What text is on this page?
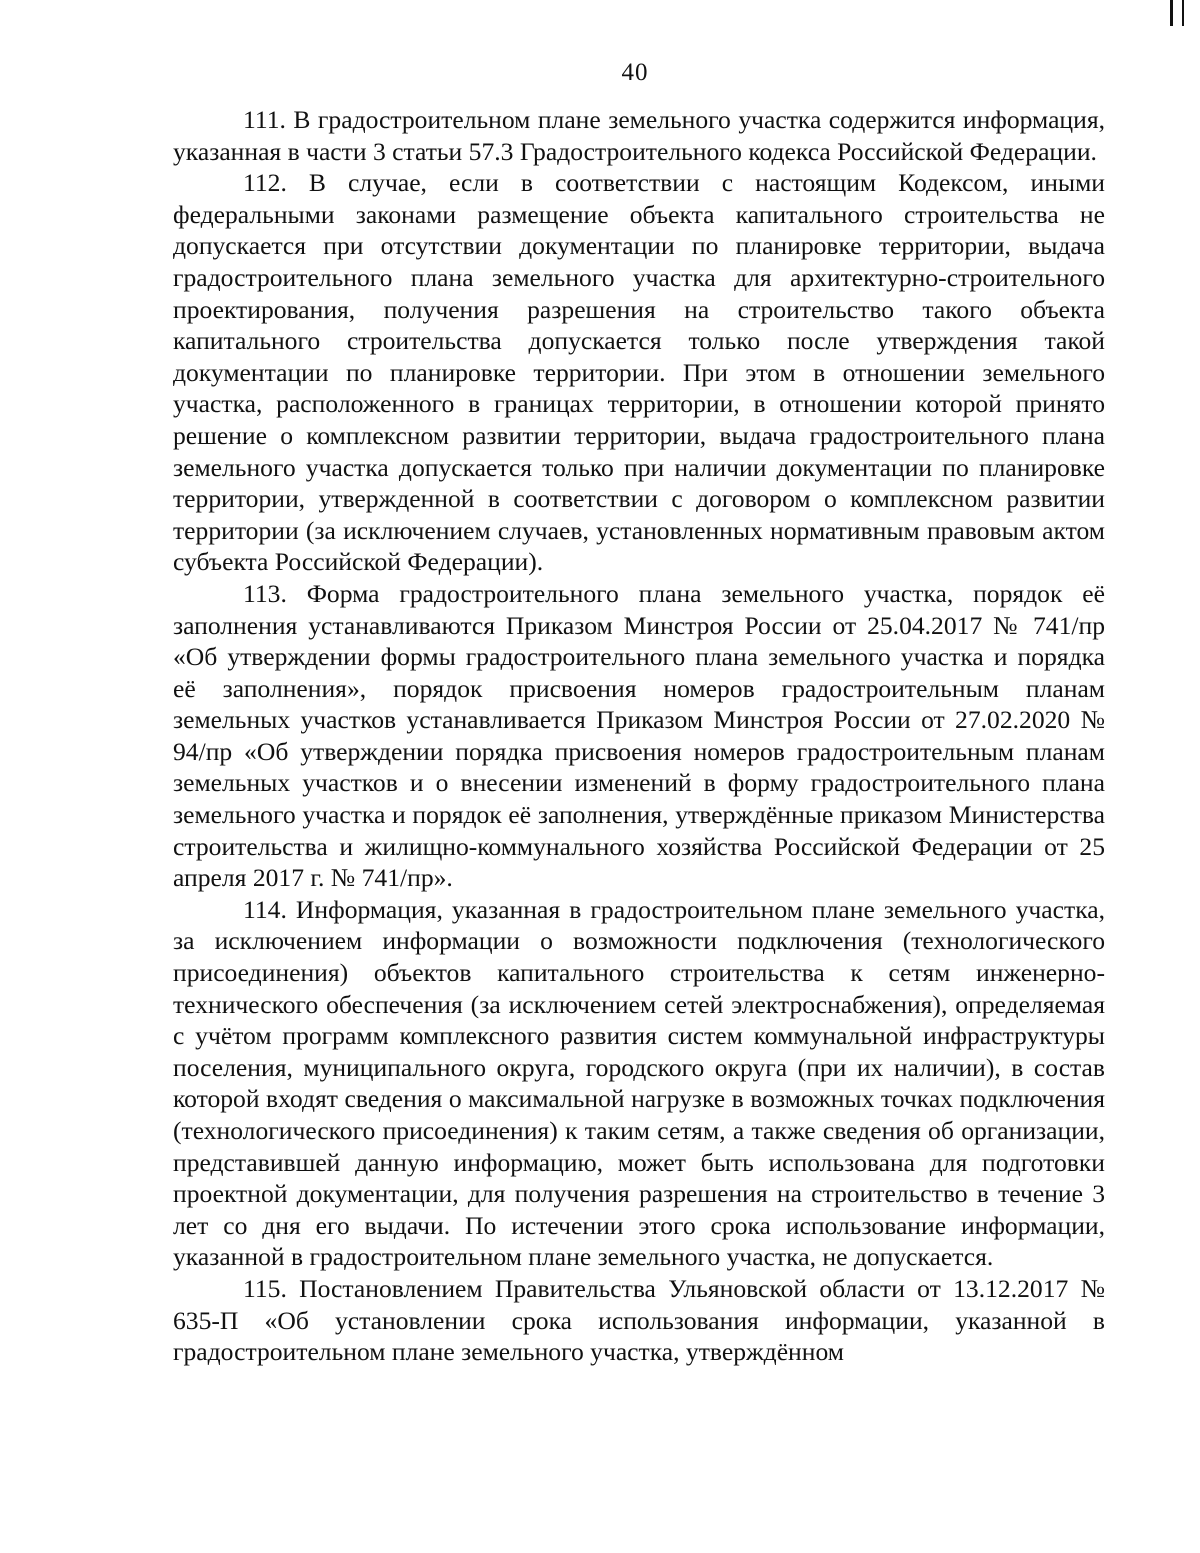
40

111. В градостроительном плане земельного участка содержится информация, указанная в части 3 статьи 57.3 Градостроительного кодекса Российской Федерации.

112. В случае, если в соответствии с настоящим Кодексом, иными федеральными законами размещение объекта капитального строительства не допускается при отсутствии документации по планировке территории, выдача градостроительного плана земельного участка для архитектурно-строительного проектирования, получения разрешения на строительство такого объекта капитального строительства допускается только после утверждения такой документации по планировке территории. При этом в отношении земельного участка, расположенного в границах территории, в отношении которой принято решение о комплексном развитии территории, выдача градостроительного плана земельного участка допускается только при наличии документации по планировке территории, утвержденной в соответствии с договором о комплексном развитии территории (за исключением случаев, установленных нормативным правовым актом субъекта Российской Федерации).

113. Форма градостроительного плана земельного участка, порядок её заполнения устанавливаются Приказом Минстроя России от 25.04.2017 № 741/пр «Об утверждении формы градостроительного плана земельного участка и порядка её заполнения», порядок присвоения номеров градостроительным планам земельных участков устанавливается Приказом Минстроя России от 27.02.2020 № 94/пр «Об утверждении порядка присвоения номеров градостроительным планам земельных участков и о внесении изменений в форму градостроительного плана земельного участка и порядок её заполнения, утверждённые приказом Министерства строительства и жилищно-коммунального хозяйства Российской Федерации от 25 апреля 2017 г. № 741/пр».

114. Информация, указанная в градостроительном плане земельного участка, за исключением информации о возможности подключения (технологического присоединения) объектов капитального строительства к сетям инженерно-технического обеспечения (за исключением сетей электроснабжения), определяемая с учётом программ комплексного развития систем коммунальной инфраструктуры поселения, муниципального округа, городского округа (при их наличии), в состав которой входят сведения о максимальной нагрузке в возможных точках подключения (технологического присоединения) к таким сетям, а также сведения об организации, представившей данную информацию, может быть использована для подготовки проектной документации, для получения разрешения на строительство в течение 3 лет со дня его выдачи. По истечении этого срока использование информации, указанной в градостроительном плане земельного участка, не допускается.

115. Постановлением Правительства Ульяновской области от 13.12.2017 № 635-П «Об установлении срока использования информации, указанной в градостроительном плане земельного участка, утверждённом
